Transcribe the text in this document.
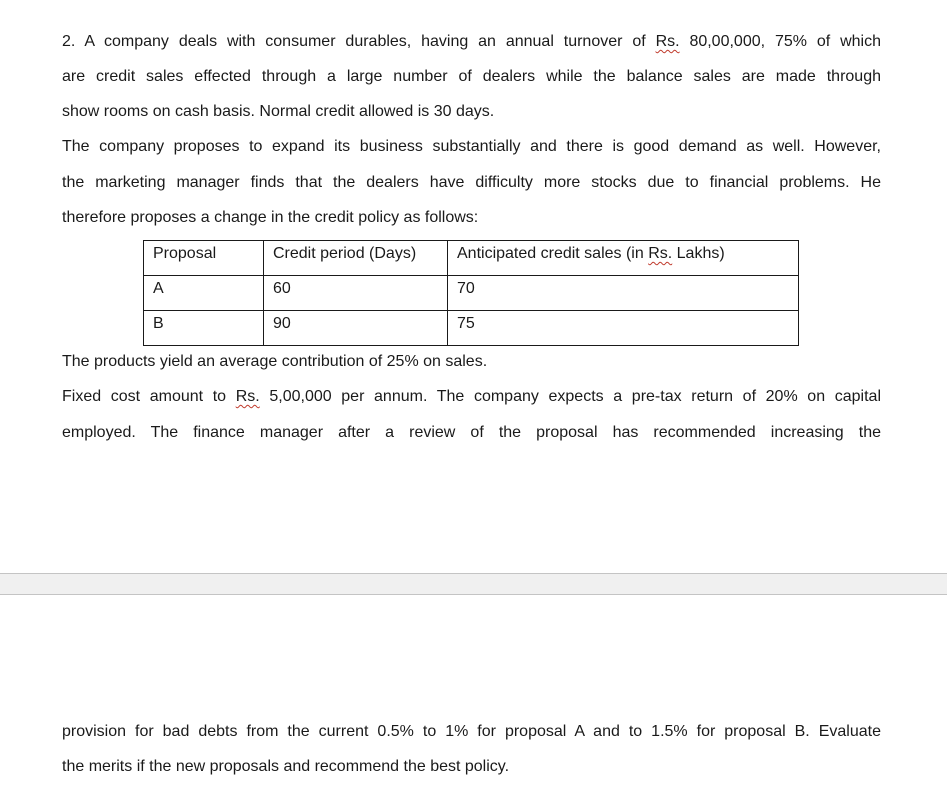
2. A company deals with consumer durables, having an annual turnover of Rs. 80,00,000, 75% of which
are credit sales effected through a large number of dealers while the balance sales are made through
show rooms on cash basis. Normal credit allowed is 30 days.
The company proposes to expand its business substantially and there is good demand as well. However,
the marketing manager finds that the dealers have difficulty more stocks due to financial problems. He
therefore proposes a change in the credit policy as follows:
Proposal	Credit period (Days)	Anticipated credit sales (in Rs. Lakhs)
A	60	70
B	90	75
The products yield an average contribution of 25% on sales.
Fixed cost amount to Rs. 5,00,000 per annum. The company expects a pre-tax return of 20% on capital
employed. The finance manager after a review of the proposal has recommended increasing the
provision for bad debts from the current 0.5% to 1% for proposal A and to 1.5% for proposal B. Evaluate
the merits if the new proposals and recommend the best policy.
